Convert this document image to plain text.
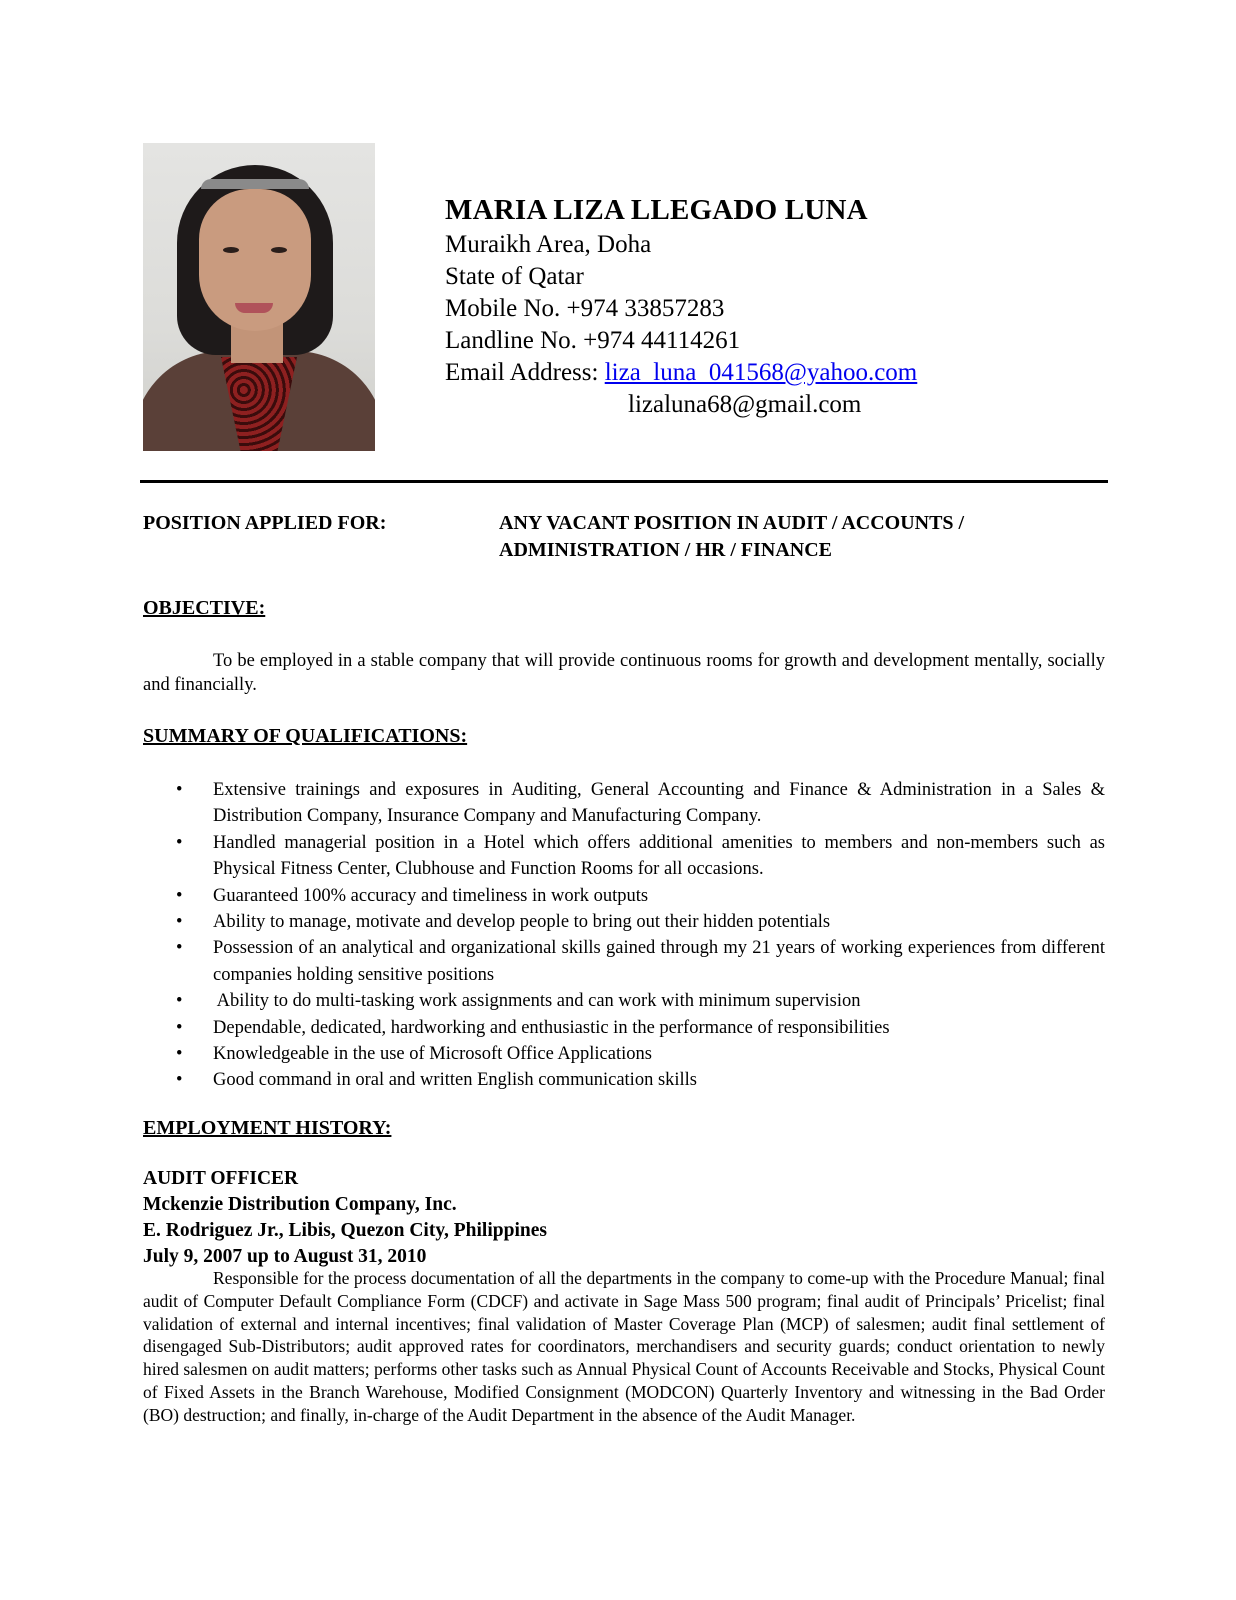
MARIA LIZA LLEGADO LUNA
Muraikh Area, Doha
State of Qatar
Mobile No. +974 33857283
Landline No. +974 44114261
Email Address: liza_luna_041568@yahoo.com
lizaluna68@gmail.com
POSITION APPLIED FOR:	ANY VACANT POSITION IN AUDIT / ACCOUNTS /
ADMINISTRATION / HR / FINANCE
OBJECTIVE:
To be employed in a stable company that will provide continuous rooms for growth and development mentally, socially and financially.
SUMMARY OF QUALIFICATIONS:
• Extensive trainings and exposures in Auditing, General Accounting and Finance & Administration in a Sales & Distribution Company, Insurance Company and Manufacturing Company.
• Handled managerial position in a Hotel which offers additional amenities to members and non-members such as Physical Fitness Center, Clubhouse and Function Rooms for all occasions.
• Guaranteed 100% accuracy and timeliness in work outputs
• Ability to manage, motivate and develop people to bring out their hidden potentials
• Possession of an analytical and organizational skills gained through my 21 years of working experiences from different companies holding sensitive positions
• Ability to do multi-tasking work assignments and can work with minimum supervision
• Dependable, dedicated, hardworking and enthusiastic in the performance of responsibilities
• Knowledgeable in the use of Microsoft Office Applications
• Good command in oral and written English communication skills
EMPLOYMENT HISTORY:
AUDIT OFFICER
Mckenzie Distribution Company, Inc.
E. Rodriguez Jr., Libis, Quezon City, Philippines
July 9, 2007 up to August 31, 2010
Responsible for the process documentation of all the departments in the company to come-up with the Procedure Manual; final audit of Computer Default Compliance Form (CDCF) and activate in Sage Mass 500 program; final audit of Principals’ Pricelist; final validation of external and internal incentives; final validation of Master Coverage Plan (MCP) of salesmen; audit final settlement of disengaged Sub-Distributors; audit approved rates for coordinators, merchandisers and security guards; conduct orientation to newly hired salesmen on audit matters; performs other tasks such as Annual Physical Count of Accounts Receivable and Stocks, Physical Count of Fixed Assets in the Branch Warehouse, Modified Consignment (MODCON) Quarterly Inventory and witnessing in the Bad Order (BO) destruction; and finally, in-charge of the Audit Department in the absence of the Audit Manager.
